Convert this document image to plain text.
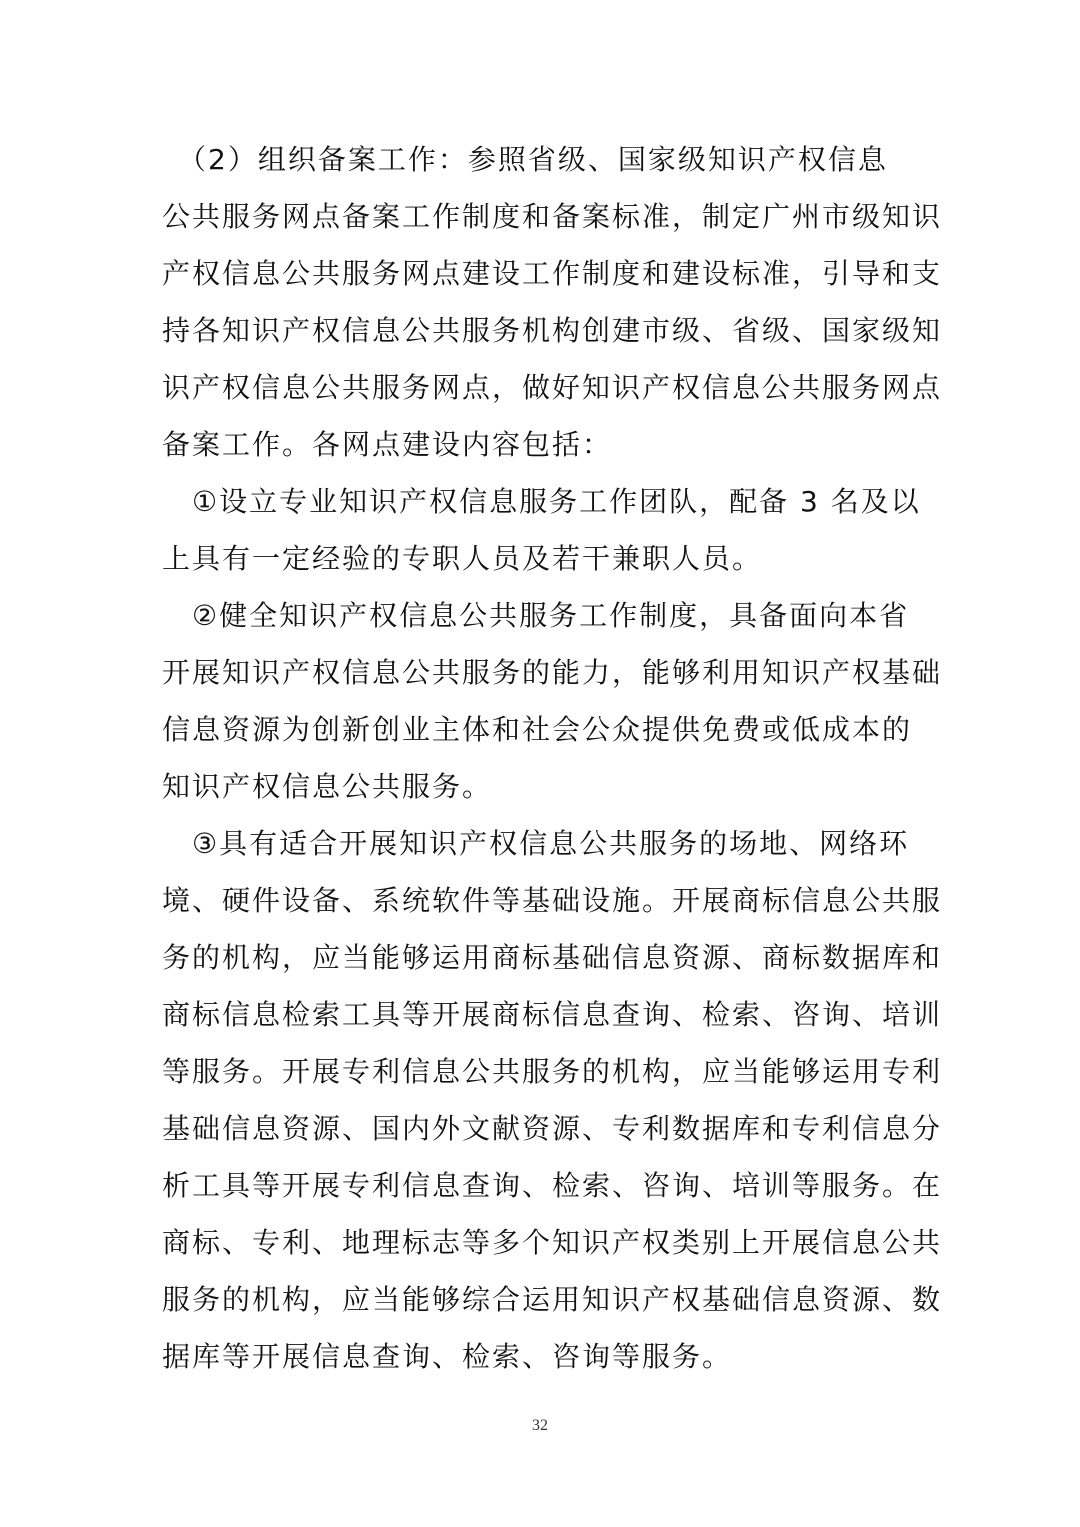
　（2）组织备案工作：参照省级、国家级知识产权信息
公共服务网点备案工作制度和备案标准，制定广州市级知识
产权信息公共服务网点建设工作制度和建设标准，引导和支
持各知识产权信息公共服务机构创建市级、省级、国家级知
识产权信息公共服务网点，做好知识产权信息公共服务网点
备案工作。各网点建设内容包括：
　①设立专业知识产权信息服务工作团队，配备 3 名及以
上具有一定经验的专职人员及若干兼职人员。
　②健全知识产权信息公共服务工作制度，具备面向本省
开展知识产权信息公共服务的能力，能够利用知识产权基础
信息资源为创新创业主体和社会公众提供免费或低成本的
知识产权信息公共服务。
　③具有适合开展知识产权信息公共服务的场地、网络环
境、硬件设备、系统软件等基础设施。开展商标信息公共服
务的机构，应当能够运用商标基础信息资源、商标数据库和
商标信息检索工具等开展商标信息查询、检索、咨询、培训
等服务。开展专利信息公共服务的机构，应当能够运用专利
基础信息资源、国内外文献资源、专利数据库和专利信息分
析工具等开展专利信息查询、检索、咨询、培训等服务。在
商标、专利、地理标志等多个知识产权类别上开展信息公共
服务的机构，应当能够综合运用知识产权基础信息资源、数
据库等开展信息查询、检索、咨询等服务。
32
